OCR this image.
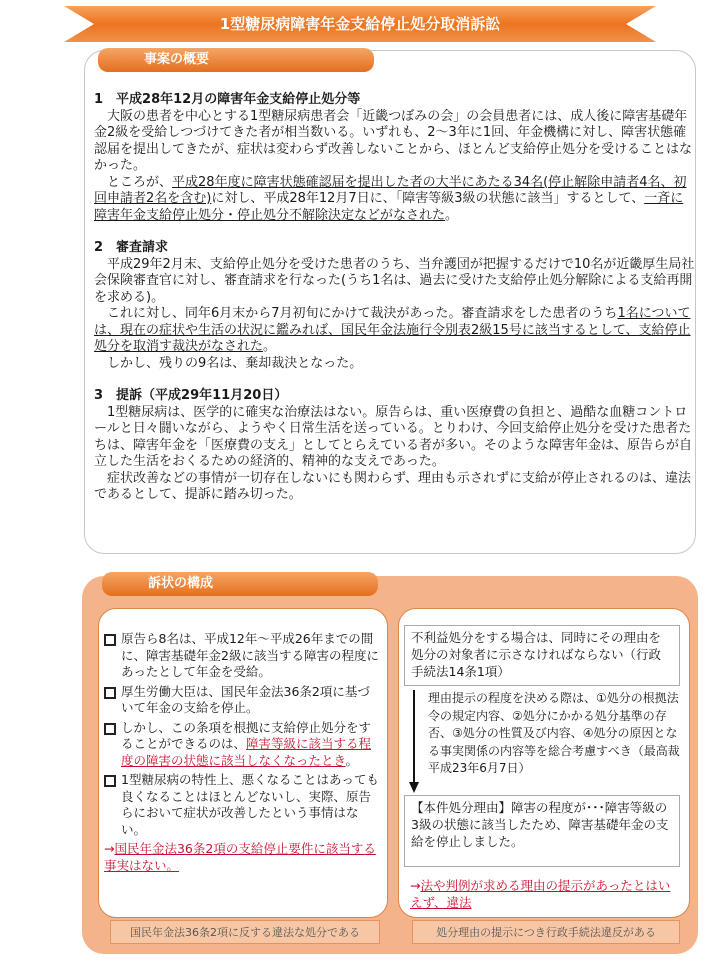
1型糖尿病障害年金支給停止処分取消訴訟
事案の概要

1　平成28年12月の障害年金支給停止処分等

　大阪の患者を中心とする1型糖尿病患者会「近畿つぼみの会」の会員患者には、成人後に障害基礎年金2級を受給しつづけてきた者が相当数いる。いずれも、2～3年に1回、年金機構に対し、障害状態確認届を提出してきたが、症状は変わらず改善しないことから、ほとんど支給停止処分を受けることはなかった。

　ところが、平成28年度に障害状態確認届を提出した者の大半にあたる34名(停止解除申請者4名、初回申請者2名を含む)に対し、平成28年12月7日に、「障害等級3級の状態に該当」するとして、一斉に障害年金支給停止処分・停止処分不解除決定などがなされた。

2　審査請求

　平成29年2月末、支給停止処分を受けた患者のうち、当弁護団が把握するだけで10名が近畿厚生局社会保険審査官に対し、審査請求を行なった(うち1名は、過去に受けた支給停止処分解除による支給再開を求める)。

　これに対し、同年6月末から7月初旬にかけて裁決があった。審査請求をした患者のうち1名については、現在の症状や生活の状況に鑑みれば、国民年金法施行令別表2級15号に該当するとして、支給停止処分を取消す裁決がなされた。

　しかし、残りの9名は、棄却裁決となった。

3　提訴（平成29年11月20日）

　1型糖尿病は、医学的に確実な治療法はない。原告らは、重い医療費の負担と、過酷な血糖コントロールと日々闘いながら、ようやく日常生活を送っている。とりわけ、今回支給停止処分を受けた患者たちは、障害年金を「医療費の支え」としてとらえている者が多い。そのような障害年金は、原告らが自立した生活をおくるための経済的、精神的な支えであった。

　症状改善などの事情が一切存在しないにも関わらず、理由も示されずに支給が停止されるのは、違法であるとして、提訴に踏み切った。

訴状の構成
原告ら8名は、平成12年～平成26年までの間に、障害基礎年金2級に該当する障害の程度にあったとして年金を受給。
厚生労働大臣は、国民年金法36条2項に基づいて年金の支給を停止。
しかし、この条項を根拠に支給停止処分をすることができるのは、障害等級に該当する程度の障害の状態に該当しなくなったとき。
1型糖尿病の特性上、悪くなることはあっても良くなることはほとんどないし、実際、原告らにおいて症状が改善したという事情はない。
→国民年金法36条2項の支給停止要件に該当する事実はない。
国民年金法36条2項に反する違法な処分である
不利益処分をする場合は、同時にその理由を処分の対象者に示さなければならない（行政手続法14条1項）
理由提示の程度を決める際は、①処分の根拠法令の規定内容、②処分にかかる処分基準の存否、③処分の性質及び内容、④処分の原因となる事実関係の内容等を総合考慮すべき（最高裁平成23年6月7日）
【本件処分理由】障害の程度が･･･障害等級の3級の状態に該当したため、障害基礎年金の支給を停止しました。
→法や判例が求める理由の提示があったとはいえず、違法
処分理由の提示につき行政手続法違反がある
